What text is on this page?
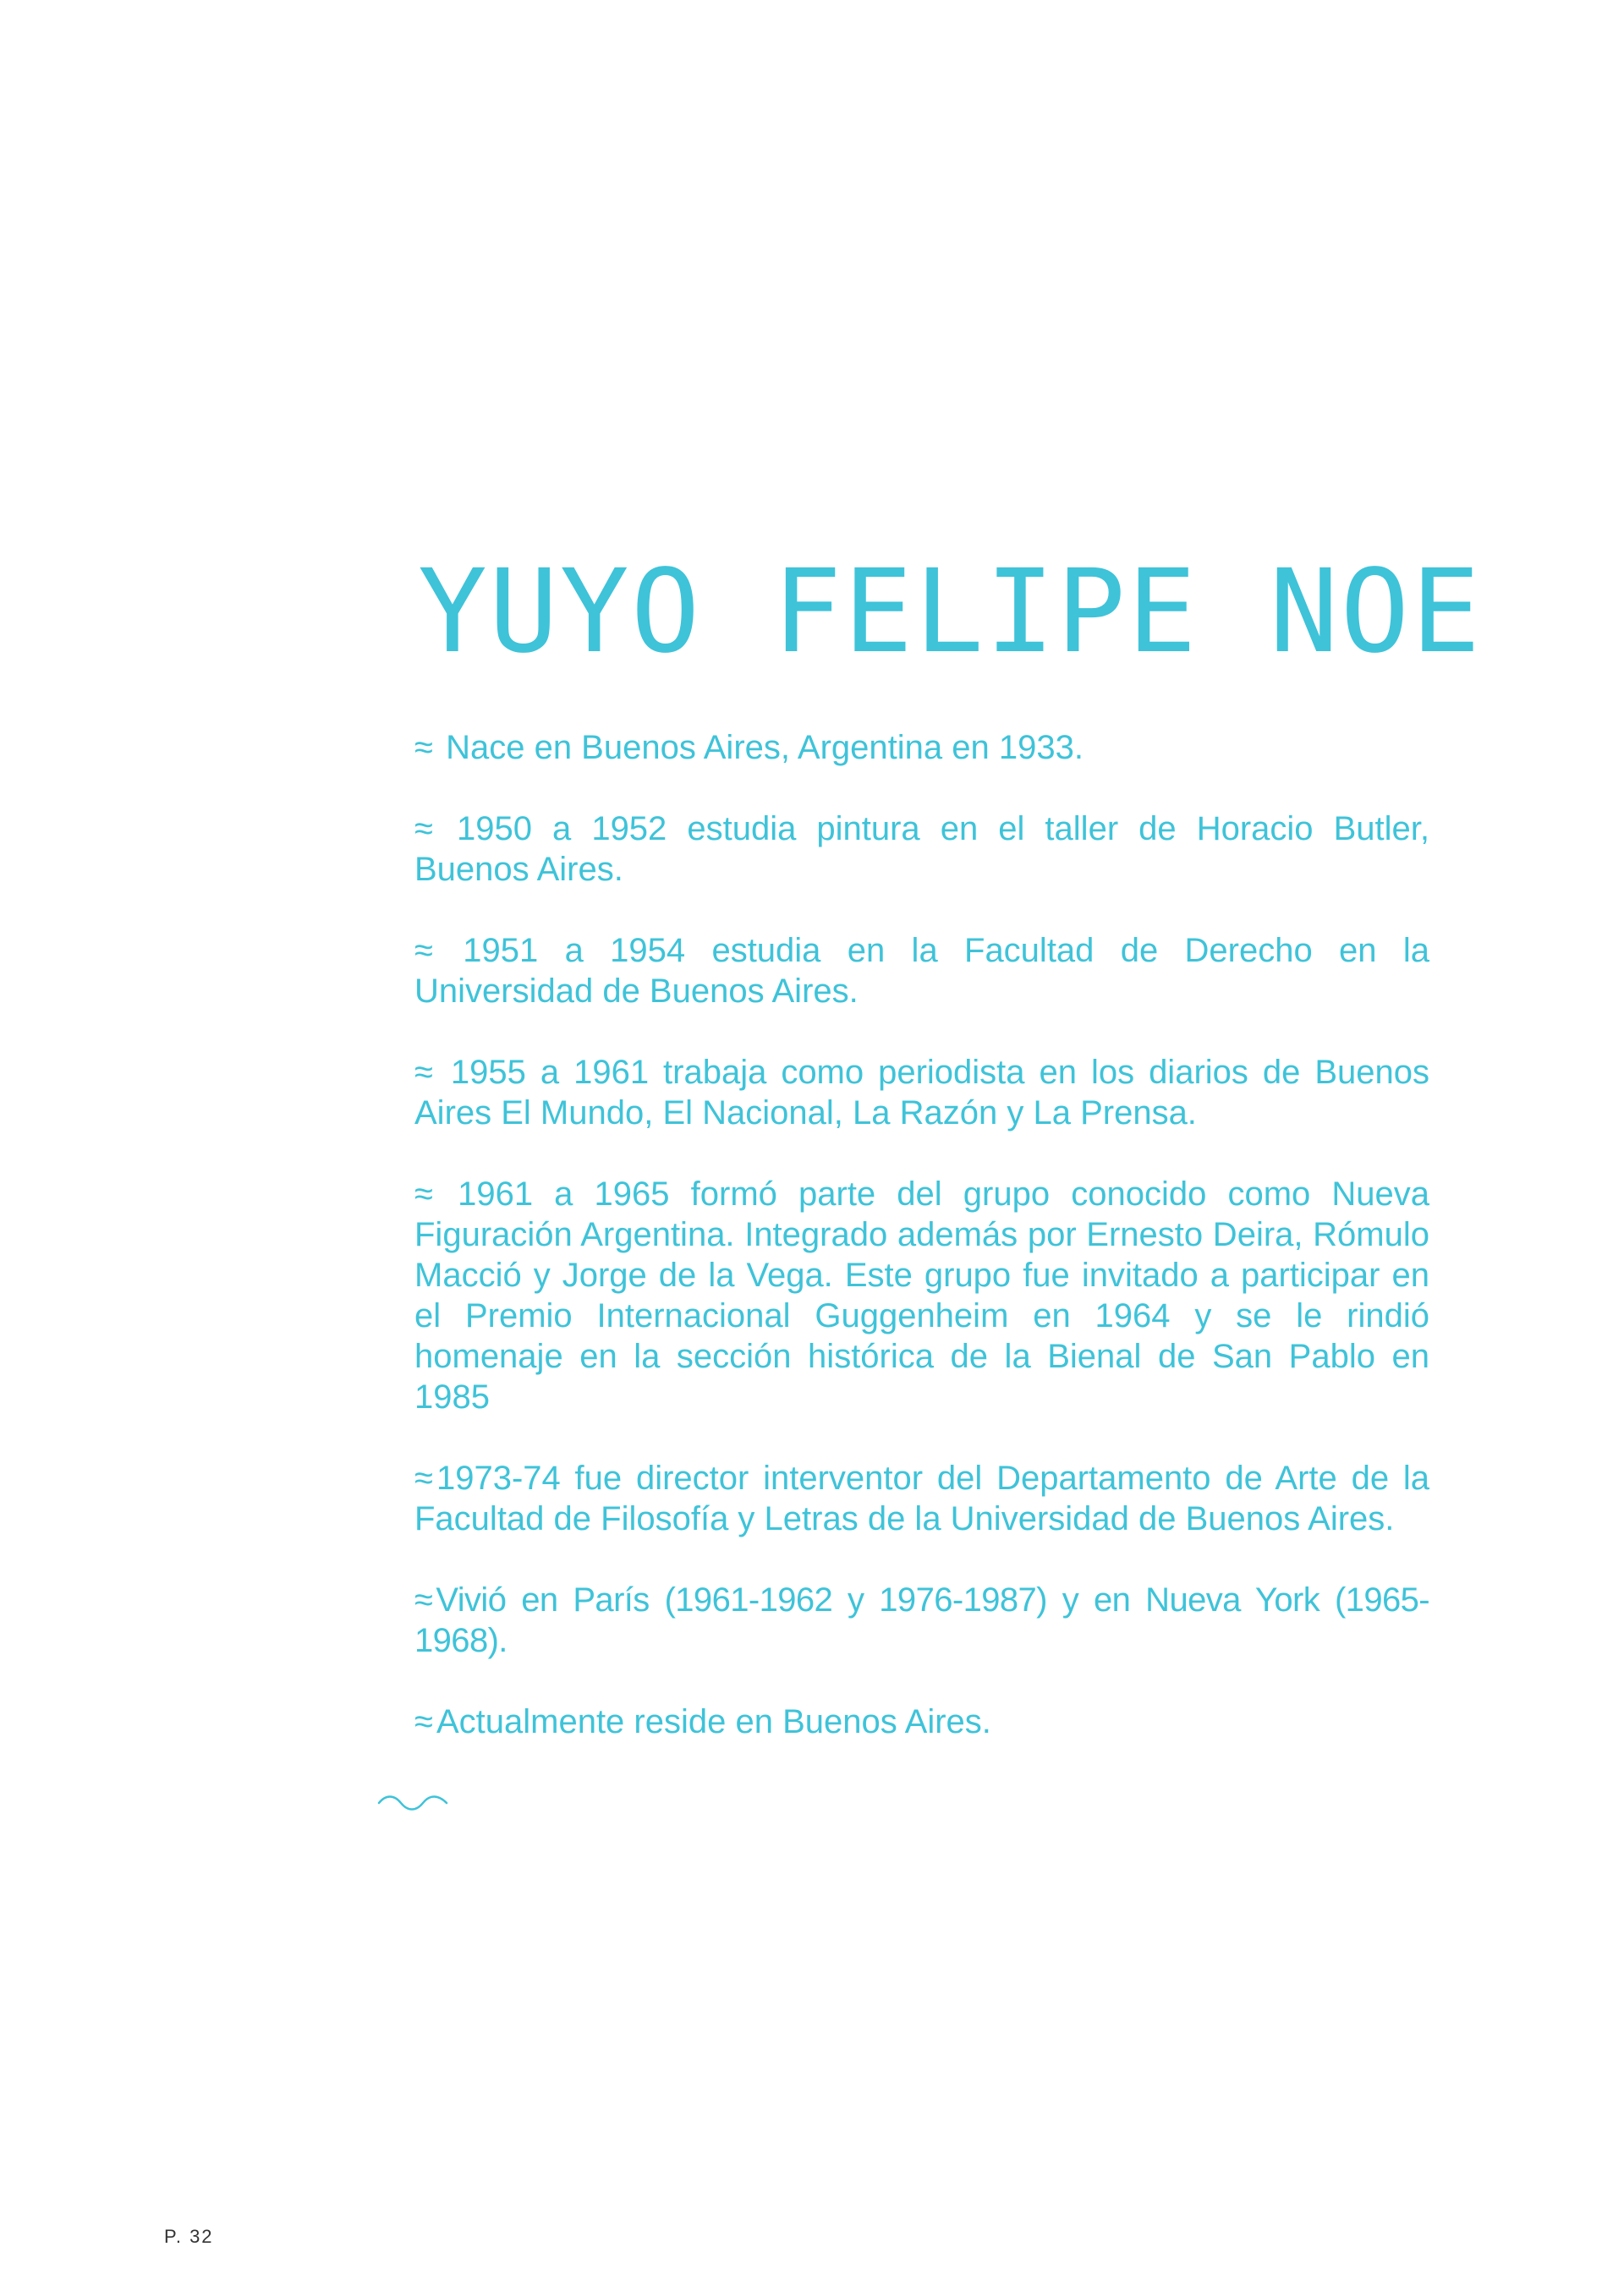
YUYO FELIPE NOE

≈ Nace en Buenos Aires, Argentina en 1933.

≈ 1950 a 1952 estudia pintura en el taller de Horacio Butler, Buenos Aires.

≈ 1951 a 1954 estudia en la Facultad de Derecho en la Universidad de Buenos Aires.

≈ 1955 a 1961 trabaja como periodista en los diarios de Buenos Aires El Mundo, El Nacional, La Razón y La Prensa.

≈ 1961 a 1965 formó parte del grupo conocido como Nueva Figuración Argentina. Integrado además por Ernesto Deira, Rómulo Macció y Jorge de la Vega. Este grupo fue invitado a participar en el Premio Internacional Guggenheim en 1964 y se le rindió homenaje en la sección histórica de la Bienal de San Pablo en 1985

≈ 1973-74 fue director interventor del Departamento de Arte de la Facultad de Filosofía y Letras de la Universidad de Buenos Aires.

≈ Vivió en París (1961-1962 y 1976-1987) y en Nueva York (1965-1968).

≈ Actualmente reside en Buenos Aires.

P. 32
